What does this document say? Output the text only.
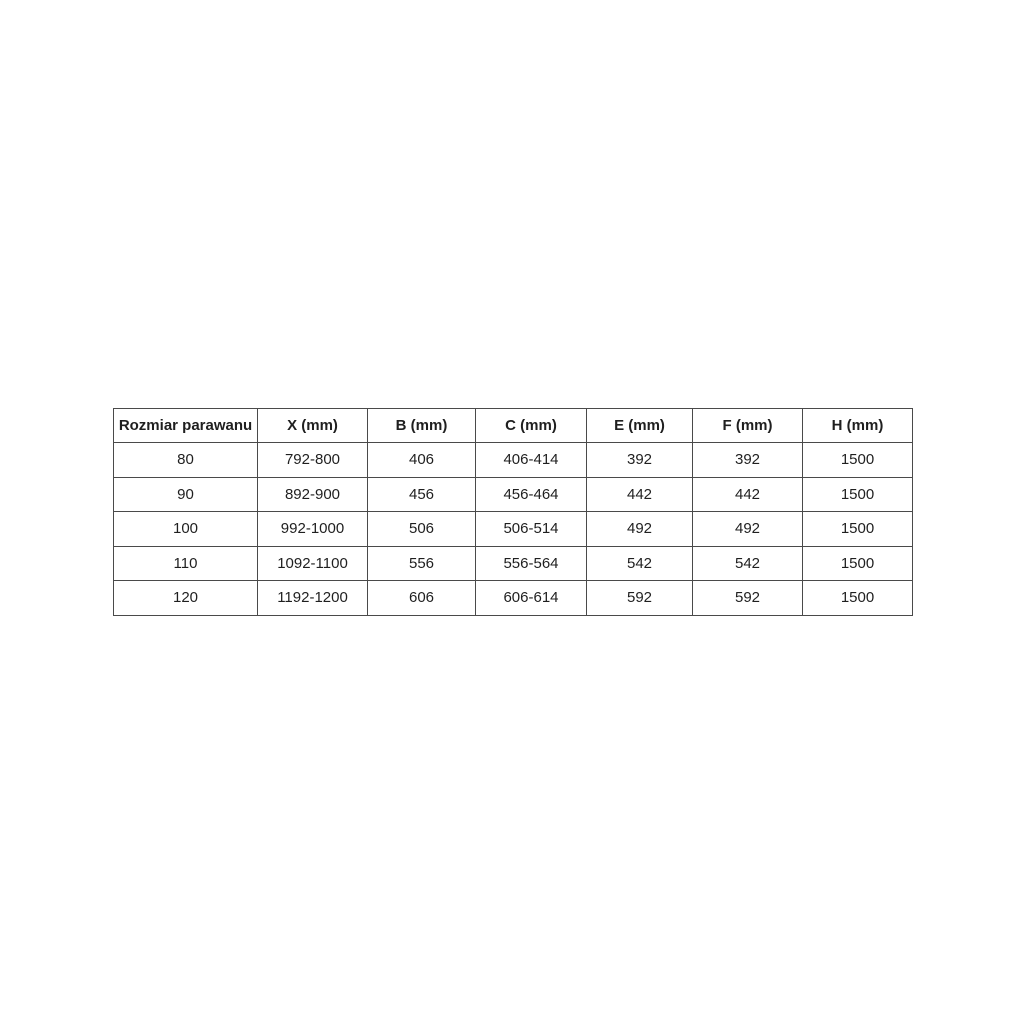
Rozmiar parawanu	X (mm)	B (mm)	C (mm)	E (mm)	F (mm)	H (mm)
80	792-800	406	406-414	392	392	1500
90	892-900	456	456-464	442	442	1500
100	992-1000	506	506-514	492	492	1500
110	1092-1100	556	556-564	542	542	1500
120	1192-1200	606	606-614	592	592	1500
